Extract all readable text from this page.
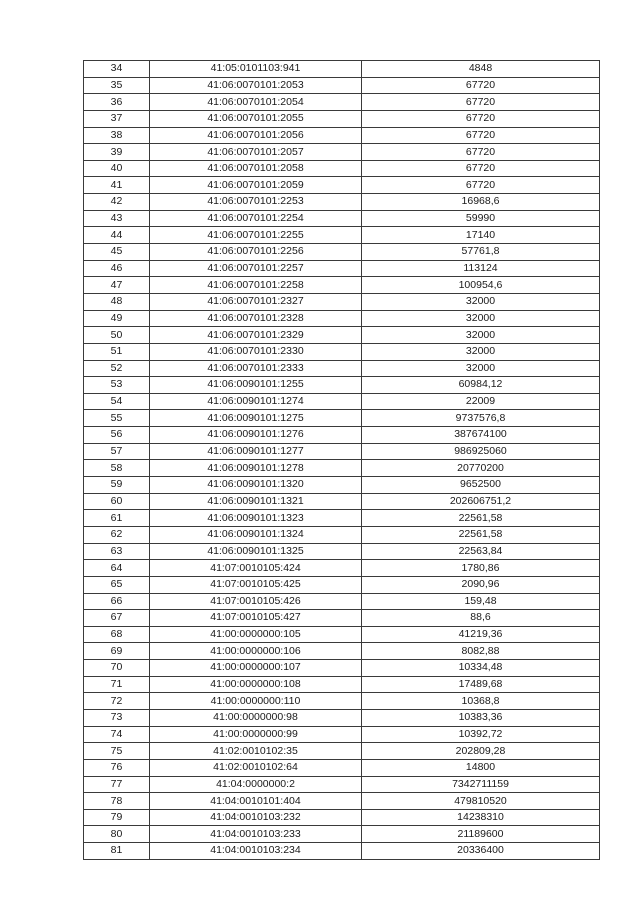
34	41:05:0101103:941	4848
35	41:06:0070101:2053	67720
36	41:06:0070101:2054	67720
37	41:06:0070101:2055	67720
38	41:06:0070101:2056	67720
39	41:06:0070101:2057	67720
40	41:06:0070101:2058	67720
41	41:06:0070101:2059	67720
42	41:06:0070101:2253	16968,6
43	41:06:0070101:2254	59990
44	41:06:0070101:2255	17140
45	41:06:0070101:2256	57761,8
46	41:06:0070101:2257	113124
47	41:06:0070101:2258	100954,6
48	41:06:0070101:2327	32000
49	41:06:0070101:2328	32000
50	41:06:0070101:2329	32000
51	41:06:0070101:2330	32000
52	41:06:0070101:2333	32000
53	41:06:0090101:1255	60984,12
54	41:06:0090101:1274	22009
55	41:06:0090101:1275	9737576,8
56	41:06:0090101:1276	387674100
57	41:06:0090101:1277	986925060
58	41:06:0090101:1278	20770200
59	41:06:0090101:1320	9652500
60	41:06:0090101:1321	202606751,2
61	41:06:0090101:1323	22561,58
62	41:06:0090101:1324	22561,58
63	41:06:0090101:1325	22563,84
64	41:07:0010105:424	1780,86
65	41:07:0010105:425	2090,96
66	41:07:0010105:426	159,48
67	41:07:0010105:427	88,6
68	41:00:0000000:105	41219,36
69	41:00:0000000:106	8082,88
70	41:00:0000000:107	10334,48
71	41:00:0000000:108	17489,68
72	41:00:0000000:110	10368,8
73	41:00:0000000:98	10383,36
74	41:00:0000000:99	10392,72
75	41:02:0010102:35	202809,28
76	41:02:0010102:64	14800
77	41:04:0000000:2	7342711159
78	41:04:0010101:404	479810520
79	41:04:0010103:232	14238310
80	41:04:0010103:233	21189600
81	41:04:0010103:234	20336400
